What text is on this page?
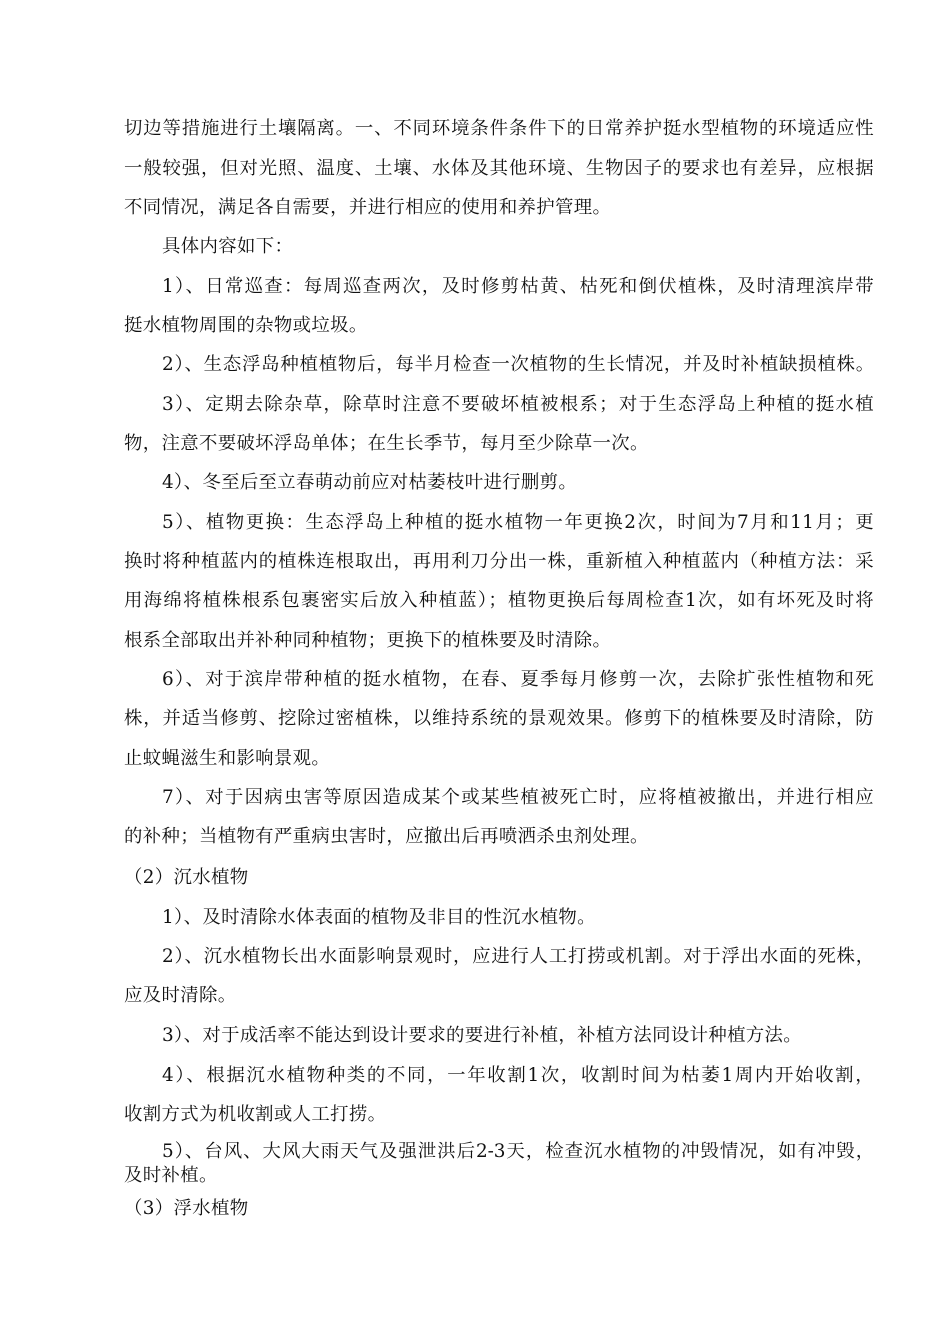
切边等措施进行土壤隔离。一、不同环境条件条件下的日常养护挺水型植物的环境适应性
一般较强，但对光照、温度、土壤、水体及其他环境、生物因子的要求也有差异，应根据
不同情况，满足各自需要，并进行相应的使用和养护管理。
具体内容如下：
1）、日常巡查：每周巡查两次，及时修剪枯黄、枯死和倒伏植株，及时清理滨岸带
挺水植物周围的杂物或垃圾。
2）、生态浮岛种植植物后，每半月检查一次植物的生长情况，并及时补植缺损植株。
3）、定期去除杂草，除草时注意不要破坏植被根系；对于生态浮岛上种植的挺水植
物，注意不要破坏浮岛单体；在生长季节，每月至少除草一次。
4）、冬至后至立春萌动前应对枯萎枝叶进行删剪。
5）、植物更换：生态浮岛上种植的挺水植物一年更换2次，时间为7月和11月；更
换时将种植蓝内的植株连根取出，再用利刀分出一株，重新植入种植蓝内（种植方法：采
用海绵将植株根系包裹密实后放入种植蓝）；植物更换后每周检查1次，如有坏死及时将
根系全部取出并补种同种植物；更换下的植株要及时清除。
6）、对于滨岸带种植的挺水植物，在春、夏季每月修剪一次，去除扩张性植物和死
株，并适当修剪、挖除过密植株，以维持系统的景观效果。修剪下的植株要及时清除，防
止蚊蝇滋生和影响景观。
7）、对于因病虫害等原因造成某个或某些植被死亡时，应将植被撤出，并进行相应
的补种；当植物有严重病虫害时，应撤出后再喷洒杀虫剂处理。
（2）沉水植物
1）、及时清除水体表面的植物及非目的性沉水植物。
2）、沉水植物长出水面影响景观时，应进行人工打捞或机割。对于浮出水面的死株，
应及时清除。
3）、对于成活率不能达到设计要求的要进行补植，补植方法同设计种植方法。
4）、根据沉水植物种类的不同，一年收割1次，收割时间为枯萎1周内开始收割，
收割方式为机收割或人工打捞。
5）、台风、大风大雨天气及强泄洪后2-3天，检查沉水植物的冲毁情况，如有冲毁，
及时补植。
（3）浮水植物
